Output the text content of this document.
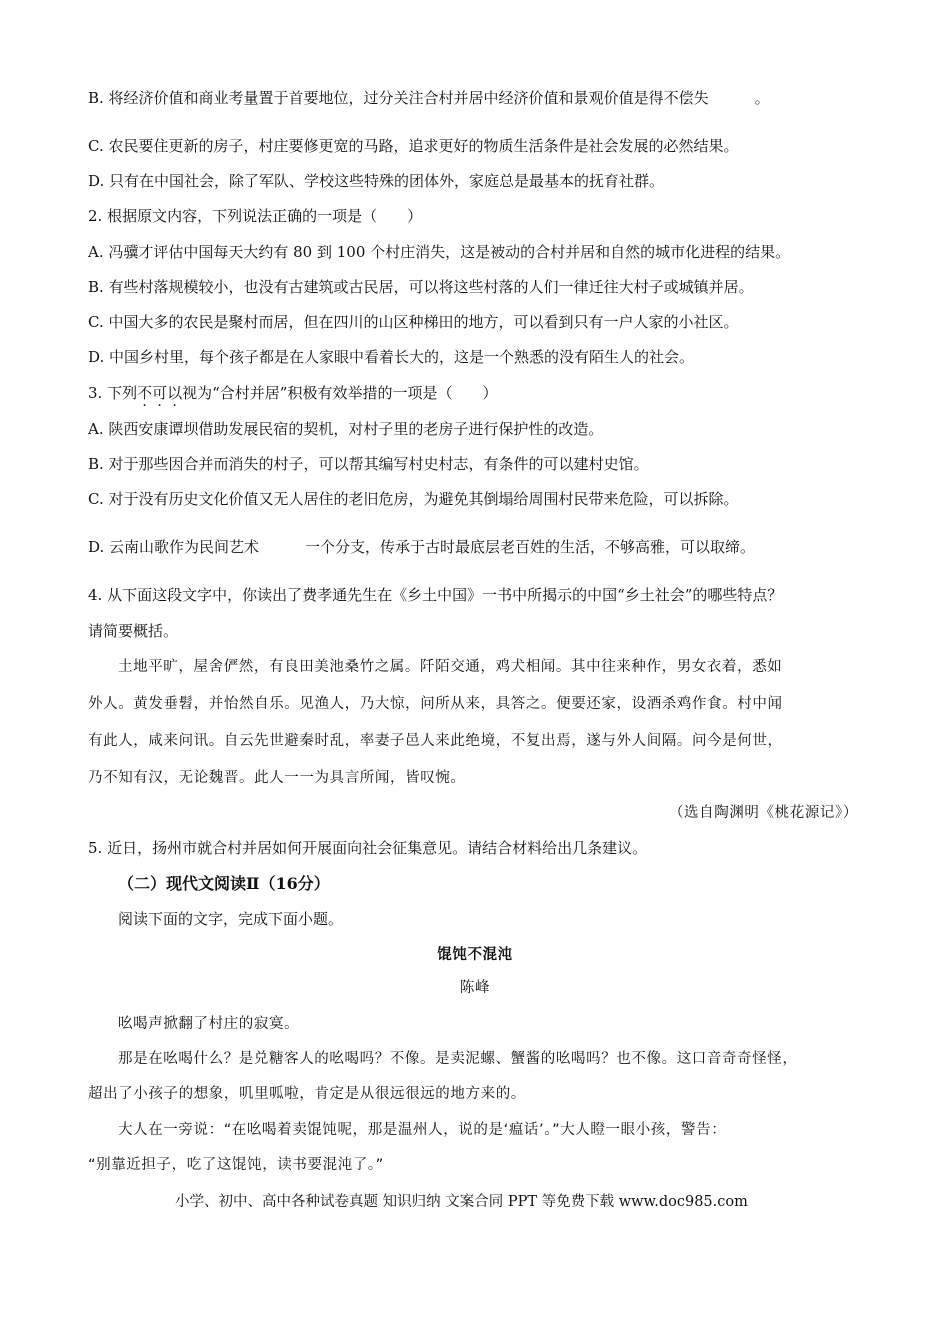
B. 将经济价值和商业考量置于首要地位，过分关注合村并居中经济价值和景观价值是得不偿失	。
C. 农民要住更新的房子，村庄要修更宽的马路，追求更好的物质生活条件是社会发展的必然结果。
D. 只有在中国社会，除了军队、学校这些特殊的团体外，家庭总是最基本的抚育社群。
2. 根据原文内容，下列说法正确的一项是（　　）
A. 冯骥才评估中国每天大约有 80 到 100 个村庄消失，这是被动的合村并居和自然的城市化进程的结果。
B. 有些村落规模较小，也没有古建筑或古民居，可以将这些村落的人们一律迁往大村子或城镇并居。
C. 中国大多的农民是聚村而居，但在四川的山区种梯田的地方，可以看到只有一户人家的小社区。
D. 中国乡村里，每个孩子都是在人家眼中看着长大的，这是一个熟悉的没有陌生人的社会。
3. 下列不可以视为“合村并居”积极有效举措的一项是（　　）
A. 陕西安康谭坝借助发展民宿的契机，对村子里的老房子进行保护性的改造。
B. 对于那些因合并而消失的村子，可以帮其编写村史村志，有条件的可以建村史馆。
C. 对于没有历史文化价值又无人居住的老旧危房，为避免其倒塌给周围村民带来危险，可以拆除。
D. 云南山歌作为民间艺术	一个分支，传承于古时最底层老百姓的生活，不够高雅，可以取缔。
4. 从下面这段文字中，你读出了费孝通先生在《乡土中国》一书中所揭示的中国“乡土社会”的哪些特点？
请简要概括。
土地平旷，屋舍俨然，有良田美池桑竹之属。阡陌交通，鸡犬相闻。其中往来种作，男女衣着，悉如
外人。黄发垂髫，并怡然自乐。见渔人，乃大惊，问所从来，具答之。便要还家，设酒杀鸡作食。村中闻
有此人，咸来问讯。自云先世避秦时乱，率妻子邑人来此绝境，不复出焉，遂与外人间隔。问今是何世，
乃不知有汉，无论魏晋。此人一一为具言所闻，皆叹惋。
（选自陶渊明《桃花源记》）
5. 近日，扬州市就合村并居如何开展面向社会征集意见。请结合材料给出几条建议。
（二）现代文阅读Ⅱ（16分）
阅读下面的文字，完成下面小题。
馄饨不混沌
陈峰
吆喝声掀翻了村庄的寂寞。
那是在吆喝什么？是兑糖客人的吆喝吗？不像。是卖泥螺、蟹酱的吆喝吗？也不像。这口音奇奇怪怪，
超出了小孩子的想象，叽里呱啦，肯定是从很远很远的地方来的。
大人在一旁说：“在吆喝着卖馄饨呢，那是温州人，说的是‘瘟话’。”大人瞪一眼小孩，警告：
“别靠近担子，吃了这馄饨，读书要混沌了。”
小学、初中、高中各种试卷真题 知识归纳 文案合同 PPT 等免费下载 www.doc985.com
